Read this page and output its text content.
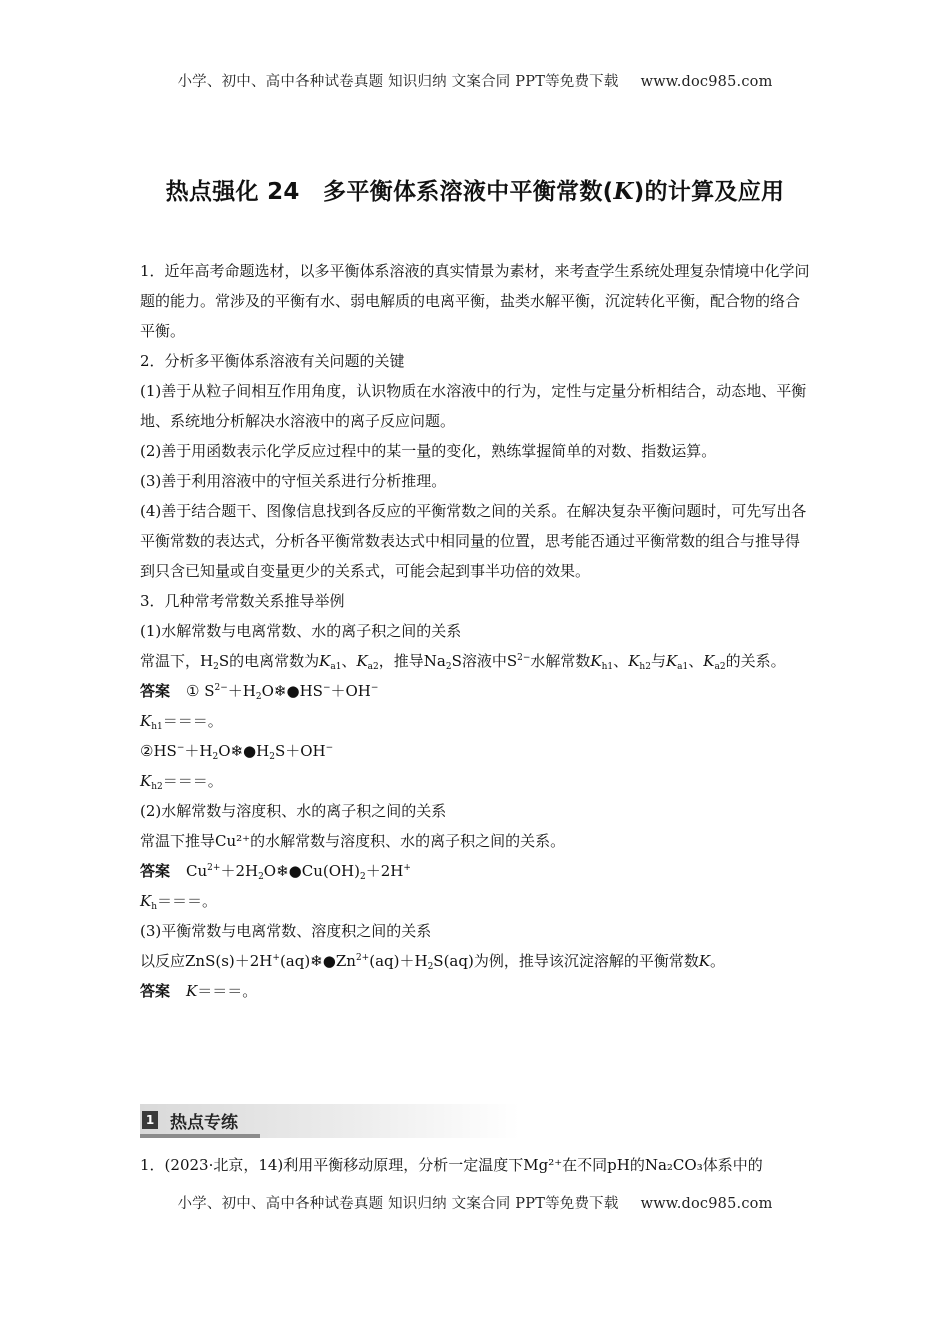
小学、初中、高中各种试卷真题 知识归纳 文案合同 PPT等免费下载 www.doc985.com
热点强化 24　多平衡体系溶液中平衡常数(K)的计算及应用

1．近年高考命题选材，以多平衡体系溶液的真实情景为素材，来考查学生系统处理复杂情境中化学问题的能力。常涉及的平衡有水、弱电解质的电离平衡，盐类水解平衡，沉淀转化平衡，配合物的络合平衡。

2．分析多平衡体系溶液有关问题的关键

(1)善于从粒子间相互作用角度，认识物质在水溶液中的行为，定性与定量分析相结合，动态地、平衡地、系统地分析解决水溶液中的离子反应问题。

(2)善于用函数表示化学反应过程中的某一量的变化，熟练掌握简单的对数、指数运算。

(3)善于利用溶液中的守恒关系进行分析推理。

(4)善于结合题干、图像信息找到各反应的平衡常数之间的关系。在解决复杂平衡问题时，可先写出各平衡常数的表达式，分析各平衡常数表达式中相同量的位置，思考能否通过平衡常数的组合与推导得到只含已知量或自变量更少的关系式，可能会起到事半功倍的效果。

3．几种常考常数关系推导举例

(1)水解常数与电离常数、水的离子积之间的关系

常温下，$H_2S$的电离常数为$K_{a1}$、$K_{a2}$，推导$Na_2S$溶液中$S^{2-}$水解常数$K_{h1}$、$K_{h2}$与$K_{a1}$、$K_{a2}$的关系。

答案 ① $S^{2-}+H_2O❄●HS^-+OH^-$

$K_{h1}===$。

$②HS^-+H_2O❄●H_2S+OH^-$

$K_{h2}===$。

(2)水解常数与溶度积、水的离子积之间的关系

常温下推导Cu²⁺的水解常数与溶度积、水的离子积之间的关系。

答案 $Cu^{2+}+2H_2O❄●Cu(OH)_2+2H^+$

$K_h===$。

(3)平衡常数与电离常数、溶度积之间的关系

以反应$ZnS(s)+2H^+(aq)❄●Zn^{2+}(aq)+H_2S(aq)$为例，推导该沉淀溶解的平衡常数K。

答案 K＝＝＝。

1 热点专练
1．(2023·北京，14)利用平衡移动原理，分析一定温度下Mg²⁺在不同pH的Na₂CO₃体系中的
小学、初中、高中各种试卷真题 知识归纳 文案合同 PPT等免费下载 www.doc985.com
